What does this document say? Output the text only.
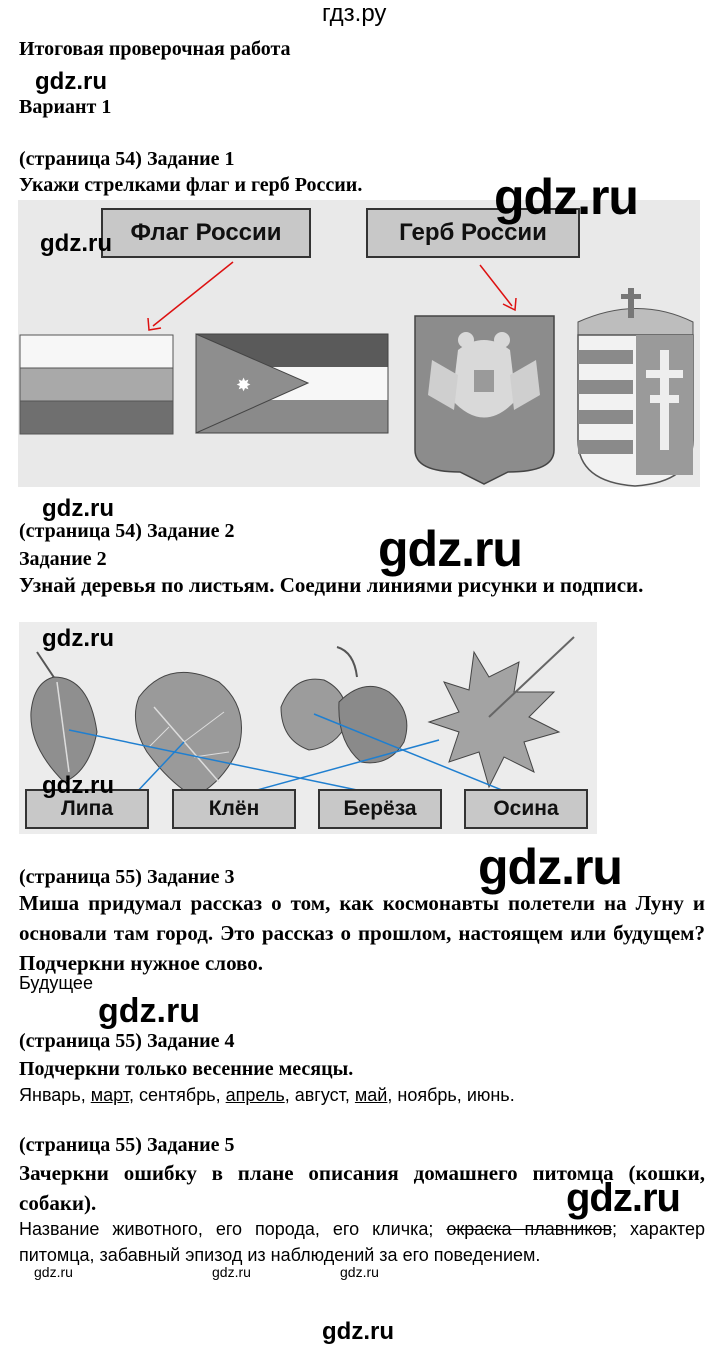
гдз.ру
Итоговая проверочная работа
gdz.ru
Вариант 1
(страница 54) Задание 1
Укажи стрелками флаг и герб России.
✸
Флаг России	Герб России
gdz.ru
gdz.ru
gdz.ru
(страница 54) Задание 2
Задание 2	gdz.ru
Узнай деревья по листьям. Соедини линиями рисунки и подписи.
Липа	Клён	Берёза	Осина
gdz.ru
gdz.ru
(страница 55) Задание 3	gdz.ru
Миша придумал рассказ о том, как космонавты полетели на Луну и основали там город. Это рассказ о прошлом, настоящем или будущем? Подчеркни нужное слово.
Будущее
gdz.ru
(страница 55) Задание 4
Подчеркни только весенние месяцы.
Январь, март, сентябрь, апрель, август, май, ноябрь, июнь.
(страница 55) Задание 5
Зачеркни ошибку в плане описания домашнего питомца (кошки, собаки).	gdz.ru
Название животного, его порода, его кличка; окраска плавников; характер питомца, забавный эпизод из наблюдений за его поведением.
gdz.ru	gdz.ru	gdz.ru
gdz.ru
